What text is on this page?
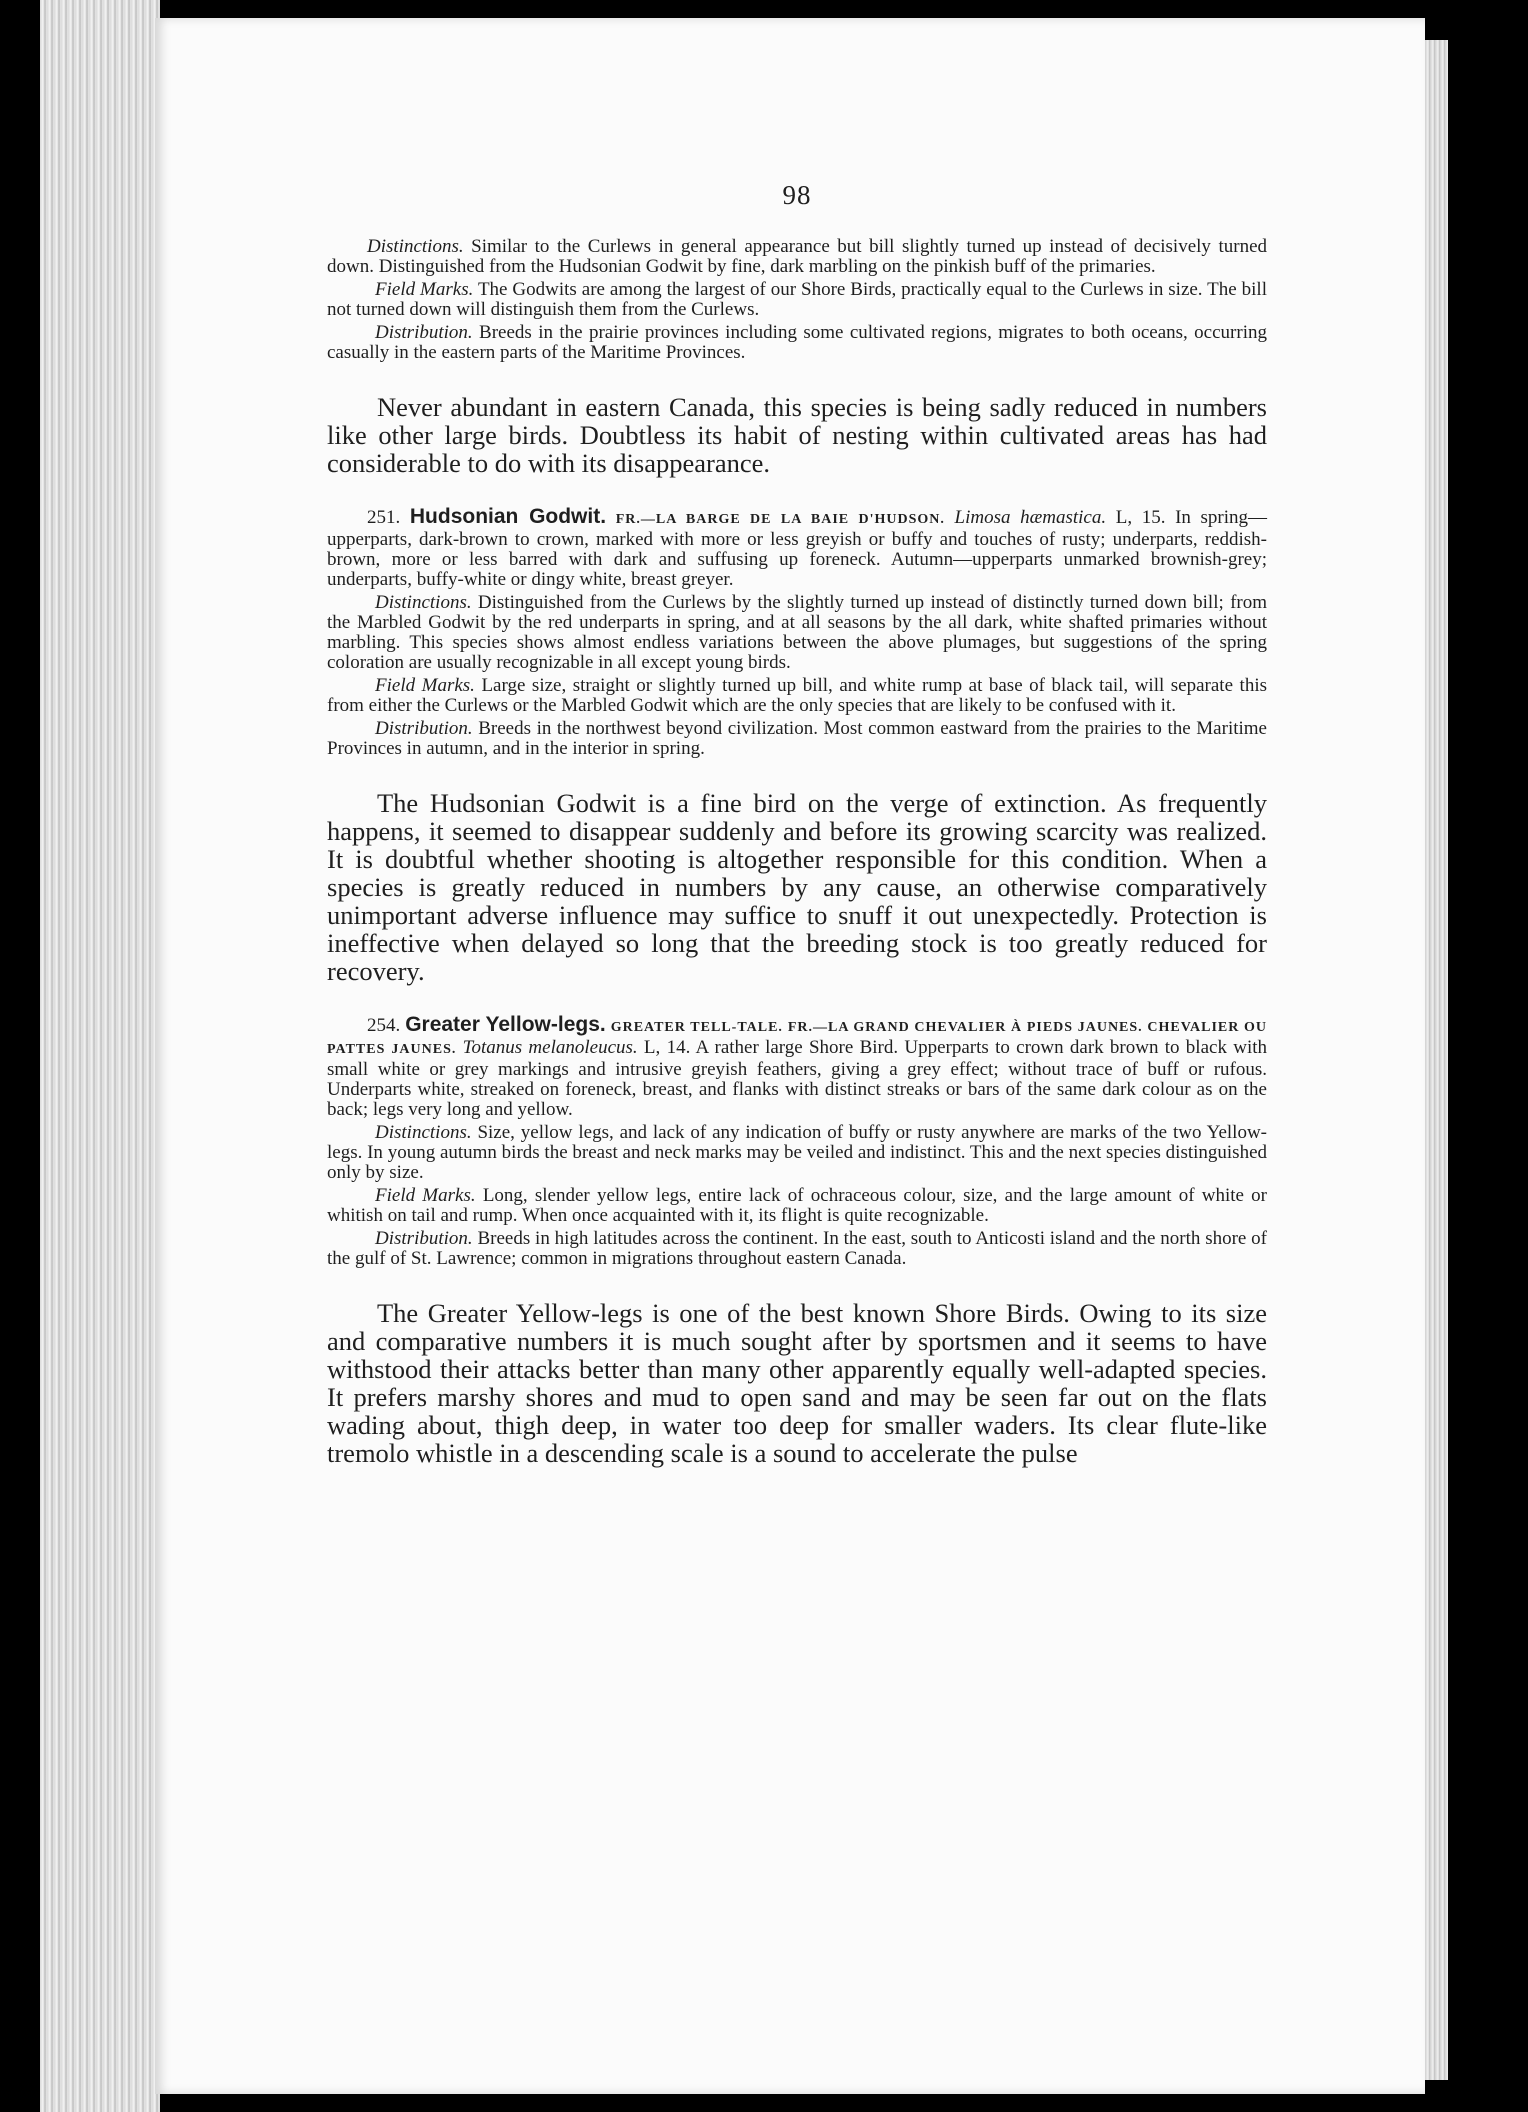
98

Distinctions. Similar to the Curlews in general appearance but bill slightly turned up instead of decisively turned down. Distinguished from the Hudsonian Godwit by fine, dark marbling on the pinkish buff of the primaries.

Field Marks. The Godwits are among the largest of our Shore Birds, practically equal to the Curlews in size. The bill not turned down will distinguish them from the Curlews.

Distribution. Breeds in the prairie provinces including some cultivated regions, migrates to both oceans, occurring casually in the eastern parts of the Maritime Provinces.

Never abundant in eastern Canada, this species is being sadly reduced in numbers like other large birds. Doubtless its habit of nesting within cultivated areas has had considerable to do with its disappearance.

251. Hudsonian Godwit. FR.—LA BARGE DE LA BAIE D'HUDSON. Limosa hæmastica. L, 15. In spring—upperparts, dark-brown to crown, marked with more or less greyish or buffy and touches of rusty; underparts, reddish-brown, more or less barred with dark and suffusing up foreneck. Autumn—upperparts unmarked brownish-grey; underparts, buffy-white or dingy white, breast greyer.

Distinctions. Distinguished from the Curlews by the slightly turned up instead of distinctly turned down bill; from the Marbled Godwit by the red underparts in spring, and at all seasons by the all dark, white shafted primaries without marbling. This species shows almost endless variations between the above plumages, but suggestions of the spring coloration are usually recognizable in all except young birds.

Field Marks. Large size, straight or slightly turned up bill, and white rump at base of black tail, will separate this from either the Curlews or the Marbled Godwit which are the only species that are likely to be confused with it.

Distribution. Breeds in the northwest beyond civilization. Most common eastward from the prairies to the Maritime Provinces in autumn, and in the interior in spring.

The Hudsonian Godwit is a fine bird on the verge of extinction. As frequently happens, it seemed to disappear suddenly and before its growing scarcity was realized. It is doubtful whether shooting is altogether responsible for this condition. When a species is greatly reduced in numbers by any cause, an otherwise comparatively unimportant adverse influence may suffice to snuff it out unexpectedly. Protection is ineffective when delayed so long that the breeding stock is too greatly reduced for recovery.

254. Greater Yellow-legs. GREATER TELL-TALE. FR.—LA GRAND CHEVALIER À PIEDS JAUNES. CHEVALIER OU PATTES JAUNES. Totanus melanoleucus. L, 14. A rather large Shore Bird. Upperparts to crown dark brown to black with small white or grey markings and intrusive greyish feathers, giving a grey effect; without trace of buff or rufous. Underparts white, streaked on foreneck, breast, and flanks with distinct streaks or bars of the same dark colour as on the back; legs very long and yellow.

Distinctions. Size, yellow legs, and lack of any indication of buffy or rusty anywhere are marks of the two Yellow-legs. In young autumn birds the breast and neck marks may be veiled and indistinct. This and the next species distinguished only by size.

Field Marks. Long, slender yellow legs, entire lack of ochraceous colour, size, and the large amount of white or whitish on tail and rump. When once acquainted with it, its flight is quite recognizable.

Distribution. Breeds in high latitudes across the continent. In the east, south to Anticosti island and the north shore of the gulf of St. Lawrence; common in migrations throughout eastern Canada.

The Greater Yellow-legs is one of the best known Shore Birds. Owing to its size and comparative numbers it is much sought after by sportsmen and it seems to have withstood their attacks better than many other apparently equally well-adapted species. It prefers marshy shores and mud to open sand and may be seen far out on the flats wading about, thigh deep, in water too deep for smaller waders. Its clear flute-like tremolo whistle in a descending scale is a sound to accelerate the pulse
